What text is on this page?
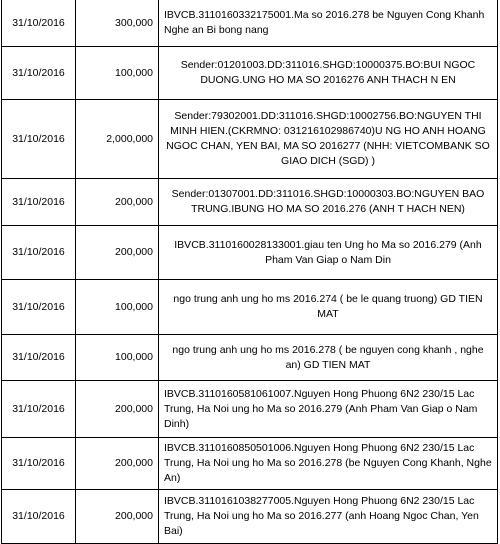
31/10/2016	300,000	IBVCB.3110160332175001.Ma so 2016.278 be Nguyen Cong Khanh Nghe an Bi bong nang

31/10/2016	100,000	Sender:01201003.DD:311016.SHGD:10000375.BO:BUI NGOC DUONG.UNG HO MA SO 2016276 ANH THACH N EN

31/10/2016	2,000,000	Sender:79302001.DD:311016.SHGD:10002756.BO:NGUYEN THI MINH HIEN.(CKRMNO: 031216102986740)U NG HO ANH HOANG NGOC CHAN, YEN BAI, MA SO 2016277 (NHH: VIETCOMBANK SO GIAO DICH (SGD) )

31/10/2016	200,000	Sender:01307001.DD:311016.SHGD:10000303.BO:NGUYEN BAO TRUNG.IBUNG HO MA SO 2016.276 (ANH T HACH NEN)

31/10/2016	200,000	IBVCB.3110160028133001.giau ten Ung ho Ma so 2016.279 (Anh Pham Van Giap o Nam Din

31/10/2016	100,000	ngo trung anh ung ho ms 2016.274 ( be le quang truong) GD TIEN MAT

31/10/2016	100,000	ngo trung anh ung ho ms 2016.278 ( be nguyen cong khanh , nghe an) GD TIEN MAT

31/10/2016	200,000	IBVCB.3110160581061007.Nguyen Hong Phuong 6N2 230/15 Lac Trung, Ha Noi ung ho Ma so 2016.279 (Anh Pham Van Giap o Nam Dinh)

31/10/2016	200,000	IBVCB.3110160850501006.Nguyen Hong Phuong 6N2 230/15 Lac Trung, Ha Noi ung ho Ma so 2016.278 (be Nguyen Cong Khanh, Nghe An)

31/10/2016	200,000	IBVCB.3110161038277005.Nguyen Hong Phuong 6N2 230/15 Lac Trung, Ha Noi ung ho Ma so 2016.277 (anh Hoang Ngoc Chan, Yen Bai)
